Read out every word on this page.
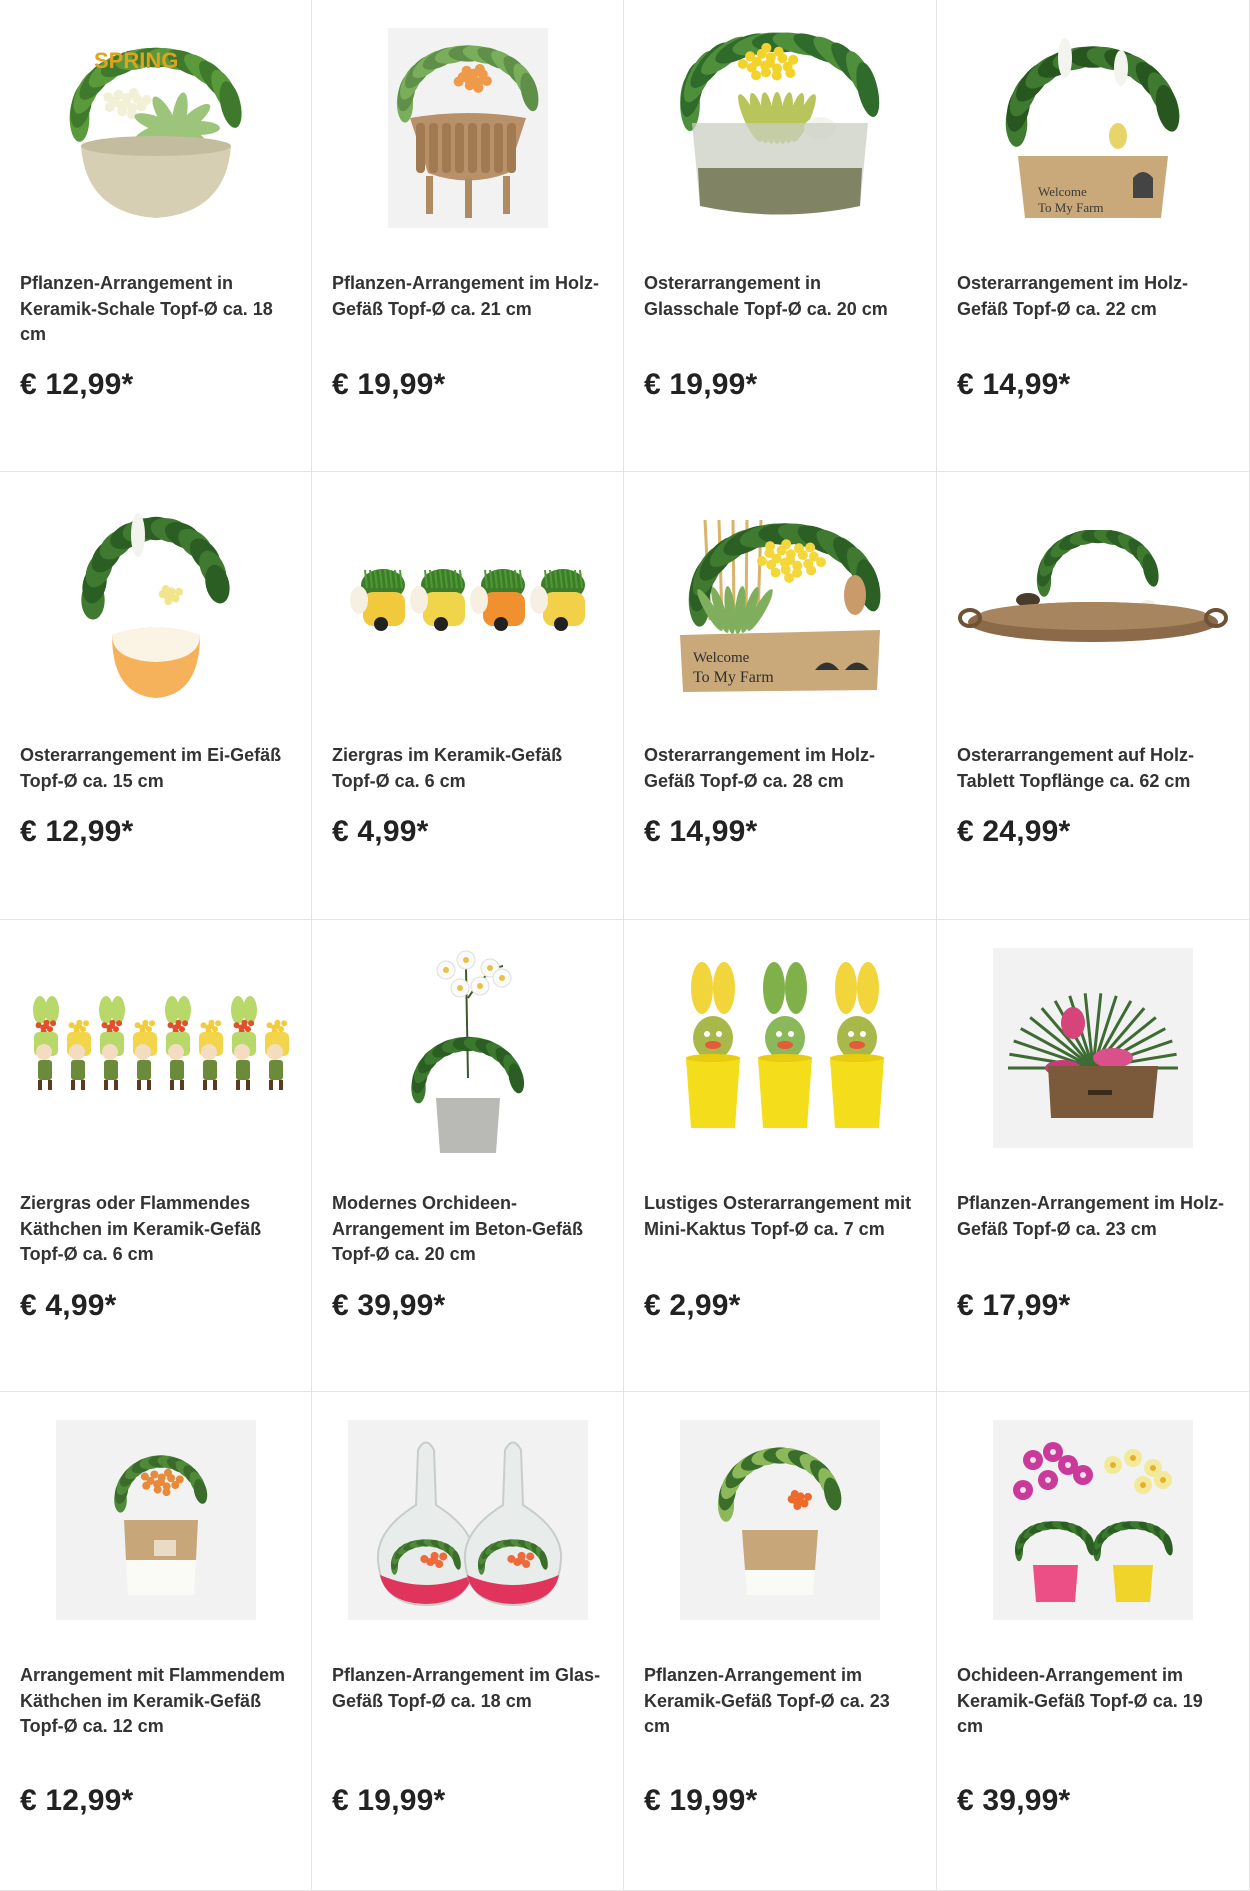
SPRING
Pflanzen-Arrangement in Keramik-Schale Topf-Ø ca. 18 cm
€ 12,99*
Pflanzen-Arrangement im Holz-Gefäß Topf-Ø ca. 21 cm
€ 19,99*
Osterarrangement in Glasschale Topf-Ø ca. 20 cm
€ 19,99*
Welcome
To My Farm
Osterarrangement im Holz-Gefäß Topf-Ø ca. 22 cm
€ 14,99*
Osterarrangement im Ei-Gefäß Topf-Ø ca. 15 cm
€ 12,99*
Ziergras im Keramik-Gefäß Topf-Ø ca. 6 cm
€ 4,99*
Welcome
To My Farm
Osterarrangement im Holz-Gefäß Topf-Ø ca. 28 cm
€ 14,99*
Osterarrangement auf Holz-Tablett Topflänge ca. 62 cm
€ 24,99*
Ziergras oder Flammendes Käthchen im Keramik-Gefäß Topf-Ø ca. 6 cm
€ 4,99*
Modernes Orchideen-Arrangement im Beton-Gefäß Topf-Ø ca. 20 cm
€ 39,99*
Lustiges Osterarrangement mit Mini-Kaktus Topf-Ø ca. 7 cm
€ 2,99*
Pflanzen-Arrangement im Holz-Gefäß Topf-Ø ca. 23 cm
€ 17,99*
Arrangement mit Flammendem Käthchen im Keramik-Gefäß Topf-Ø ca. 12 cm
€ 12,99*
Pflanzen-Arrangement im Glas-Gefäß Topf-Ø ca. 18 cm
€ 19,99*
Pflanzen-Arrangement im Keramik-Gefäß Topf-Ø ca. 23 cm
€ 19,99*
Ochideen-Arrangement im Keramik-Gefäß Topf-Ø ca. 19 cm
€ 39,99*
